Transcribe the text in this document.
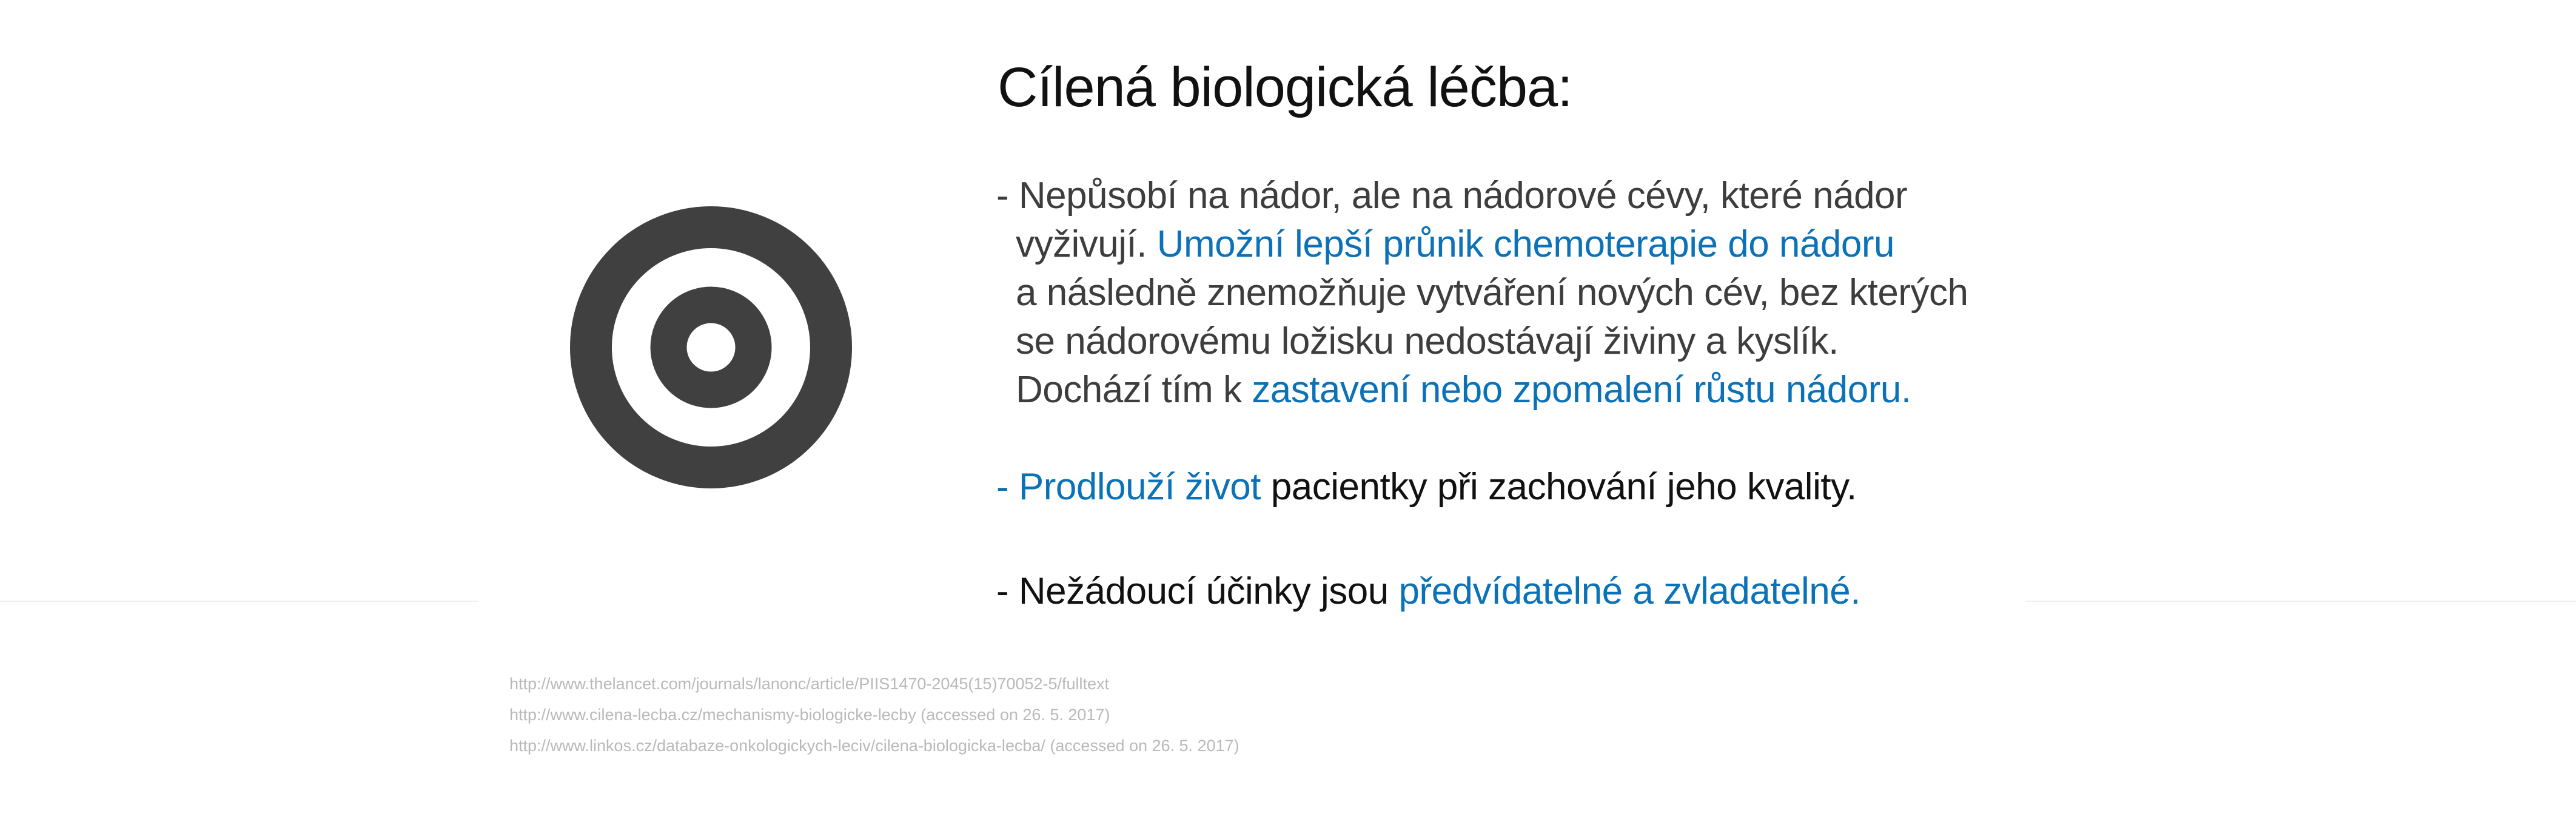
Cílená biologická léčba:
- Nepůsobí na nádor, ale na nádorové cévy, které nádor
vyživují. Umožní lepší průnik chemoterapie do nádoru
a následně znemožňuje vytváření nových cév, bez kterých
se nádorovému ložisku nedostávají živiny a kyslík.
Dochází tím k zastavení nebo zpomalení růstu nádoru.
- Prodlouží život pacientky při zachování jeho kvality.
- Nežádoucí účinky jsou předvídatelné a zvladatelné.
http://www.thelancet.com/journals/lanonc/article/PIIS1470-2045(15)70052-5/fulltext
http://www.cilena-lecba.cz/mechanismy-biologicke-lecby (accessed on 26. 5. 2017)
http://www.linkos.cz/databaze-onkologickych-leciv/cilena-biologicka-lecba/ (accessed on 26. 5. 2017)
